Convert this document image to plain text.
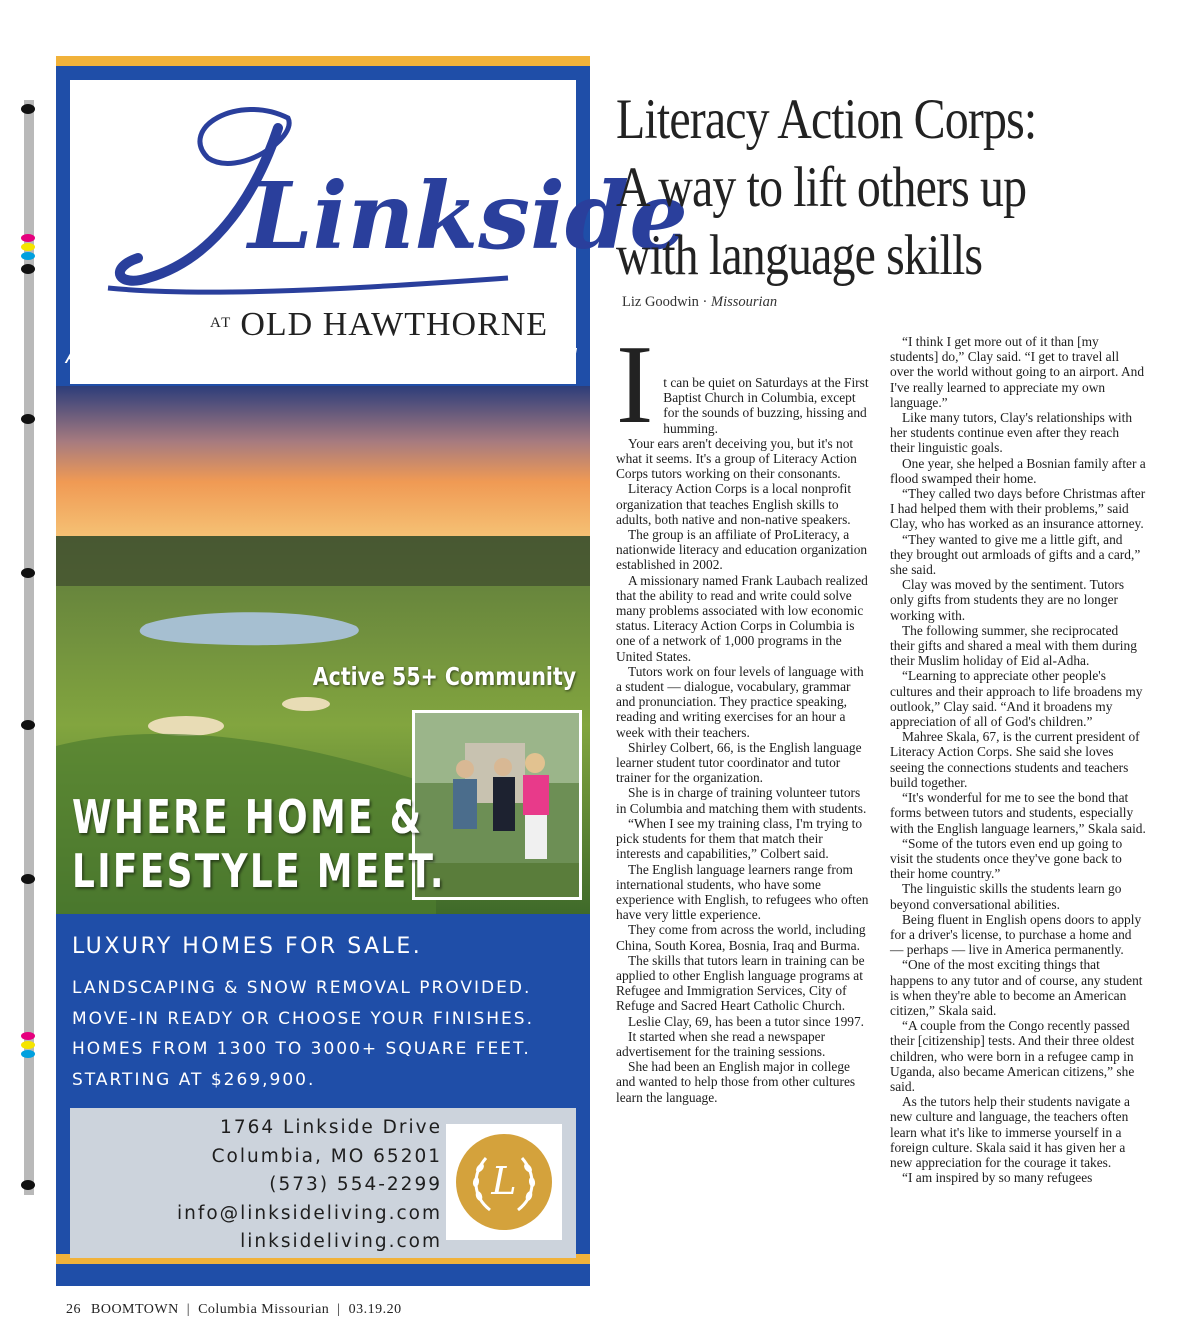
Linkside
AT OLD HAWTHORNE
A DESTINATION YOU'LL LOVE TO CALL HOME!
Active 55+ Community
WHERE HOME &
LIFESTYLE MEET.
LUXURY HOMES FOR SALE.
LANDSCAPING & SNOW REMOVAL PROVIDED.
MOVE-IN READY OR CHOOSE YOUR FINISHES.
HOMES FROM 1300 TO 3000+ SQUARE FEET.
STARTING AT $269,900.
1764 Linkside Drive
Columbia, MO 65201
(573) 554-2299
info@linksideliving.com
linksideliving.com
L
Literacy Action Corps:
A way to lift others up
with language skills
Liz Goodwin · Missourian
I t can be quiet on Saturdays at the First Baptist Church in Columbia, except for the sounds of buzzing, hissing and humming.

Your ears aren't deceiving you, but it's not what it seems. It's a group of Literacy Action Corps tutors working on their consonants.

Literacy Action Corps is a local nonprofit organization that teaches English skills to adults, both native and non-native speakers.

The group is an affiliate of ProLiteracy, a nationwide literacy and education organization established in 2002.

A missionary named Frank Laubach realized that the ability to read and write could solve many problems associated with low economic status. Literacy Action Corps in Columbia is one of a network of 1,000 programs in the United States.

Tutors work on four levels of language with a student — dialogue, vocabulary, grammar and pronunciation. They practice speaking, reading and writing exercises for an hour a week with their teachers.

Shirley Colbert, 66, is the English language learner student tutor coordinator and tutor trainer for the organization.

She is in charge of training volunteer tutors in Columbia and matching them with students.

“When I see my training class, I'm trying to pick students for them that match their interests and capabilities,” Colbert said.

The English language learners range from international students, who have some experience with English, to refugees who often have very little experience.

They come from across the world, including China, South Korea, Bosnia, Iraq and Burma.

The skills that tutors learn in training can be applied to other English language programs at Refugee and Immigration Services, City of Refuge and Sacred Heart Catholic Church.

Leslie Clay, 69, has been a tutor since 1997.

It started when she read a newspaper advertisement for the training sessions.

She had been an English major in college and wanted to help those from other cultures learn the language.

“I think I get more out of it than [my students] do,” Clay said. “I get to travel all over the world without going to an airport. And I've really learned to appreciate my own language.”

Like many tutors, Clay's relationships with her students continue even after they reach their linguistic goals.

One year, she helped a Bosnian family after a flood swamped their home.

“They called two days before Christmas after I had helped them with their problems,” said Clay, who has worked as an insurance attorney.

“They wanted to give me a little gift, and they brought out armloads of gifts and a card,” she said.

Clay was moved by the sentiment. Tutors only gifts from students they are no longer working with.

The following summer, she reciprocated their gifts and shared a meal with them during their Muslim holiday of Eid al-Adha.

“Learning to appreciate other people's cultures and their approach to life broadens my outlook,” Clay said. “And it broadens my appreciation of all of God's children.”

Mahree Skala, 67, is the current president of Literacy Action Corps. She said she loves seeing the connections students and teachers build together.

“It's wonderful for me to see the bond that forms between tutors and students, especially with the English language learners,” Skala said.

“Some of the tutors even end up going to visit the students once they've gone back to their home country.”

The linguistic skills the students learn go beyond conversational abilities.

Being fluent in English opens doors to apply for a driver's license, to purchase a home and — perhaps — live in America permanently.

“One of the most exciting things that happens to any tutor and of course, any student is when they're able to become an American citizen,” Skala said.

“A couple from the Congo recently passed their [citizenship] tests. And their three oldest children, who were born in a refugee camp in Uganda, also became American citizens,” she said.

As the tutors help their students navigate a new culture and language, the teachers often learn what it's like to immerse yourself in a foreign culture. Skala said it has given her a new appreciation for the courage it takes.

“I am inspired by so many refugees

26 BOOMTOWN | Columbia Missourian | 03.19.20
